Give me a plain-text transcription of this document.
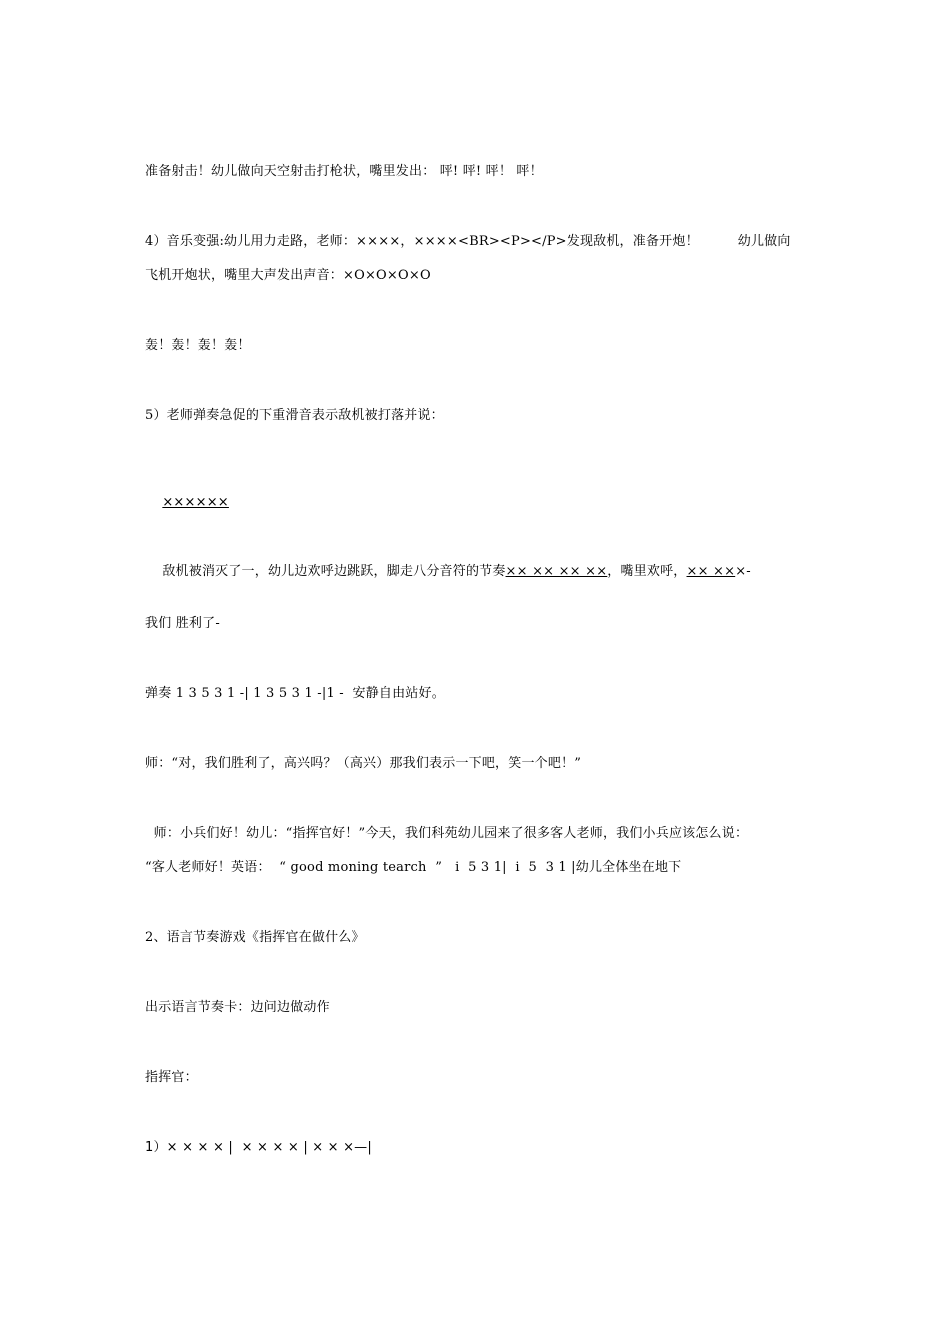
准备射击！幼儿做向天空射击打枪状，嘴里发出： 呯! 呯! 呯！ 呯！
4）音乐变强:幼儿用力走路，老师：××××，××××<BR><P></P>发现敌机，准备开炮！         幼儿做向
飞机开炮状，嘴里大声发出声音：×O×O×O×O
轰！轰！轰！轰！
5）老师弹奏急促的下重滑音表示敌机被打落并说：

××××××

敌机被消灭了一，幼儿边欢呼边跳跃，脚走八分音符的节奏×× ×× ×× ××，嘴里欢呼，×× ×××-

我们 胜利了-
弹奏 1 3 5 3 1 -| 1 3 5 3 1 -|1 -  安静自由站好。
师：“对，我们胜利了，高兴吗？（高兴）那我们表示一下吧，笑一个吧！”
师：小兵们好！幼儿：“指挥官好！”今天，我们科苑幼儿园来了很多客人老师，我们小兵应该怎么说：
“客人老师好！英语：  “ good moning tearch  ”   i  5 3 1|  i  5  3 1 |幼儿全体坐在地下
2、语言节奏游戏《指挥官在做什么》
出示语言节奏卡：边问边做动作
指挥官：
1）× × × × |  × × × × | × × ×—|
